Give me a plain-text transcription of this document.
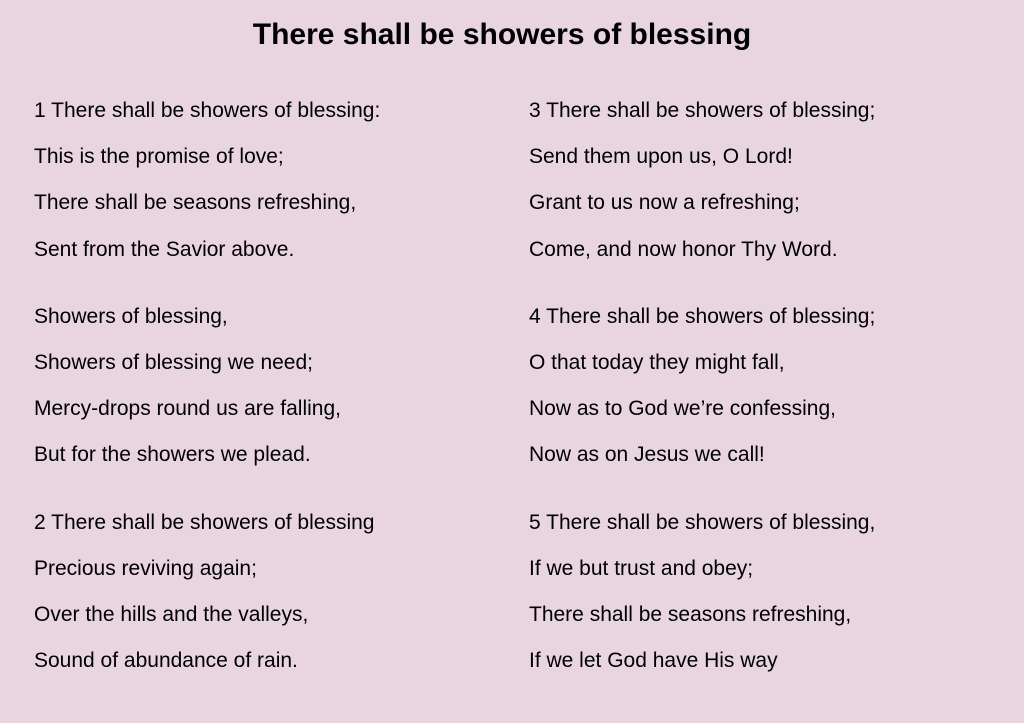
There shall be showers of blessing
1 There shall be showers of blessing:
This is the promise of love;
There shall be seasons refreshing,
Sent from the Savior above.
Showers of blessing,
Showers of blessing we need;
Mercy-drops round us are falling,
But for the showers we plead.
2 There shall be showers of blessing
Precious reviving again;
Over the hills and the valleys,
Sound of abundance of rain.
3 There shall be showers of blessing;
Send them upon us, O Lord!
Grant to us now a refreshing;
Come, and now honor Thy Word.
4 There shall be showers of blessing;
O that today they might fall,
Now as to God we’re confessing,
Now as on Jesus we call!
5 There shall be showers of blessing,
If we but trust and obey;
There shall be seasons refreshing,
If we let God have His way
